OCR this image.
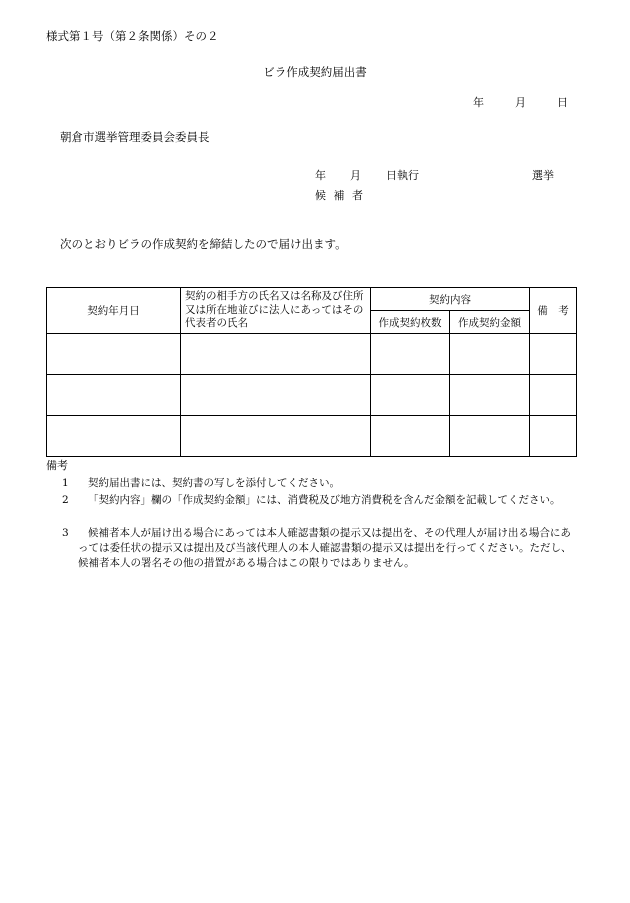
様式第１号（第２条関係）その２
ビラ作成契約届出書
年	月	日
朝倉市選挙管理委員会委員長
年 月 日執行	選挙
候 補 者
次のとおりビラの作成契約を締結したので届け出ます。
契約年月日	契約の相手方の氏名又は名称及び住所又は所在地並びに法人にあってはその代表者の氏名	契約内容		備　考
		作成契約枚数	作成契約金額	

備考
1	契約届出書には、契約書の写しを添付してください。
2	「契約内容」欄の「作成契約金額」には、消費税及び地方消費税を含んだ金額を記載してください。
3	候補者本人が届け出る場合にあっては本人確認書類の提示又は提出を、その代理人が届け出る場合にあっては委任状の提示又は提出及び当該代理人の本人確認書類の提示又は提出を行ってください。ただし、候補者本人の署名その他の措置がある場合はこの限りではありません。
